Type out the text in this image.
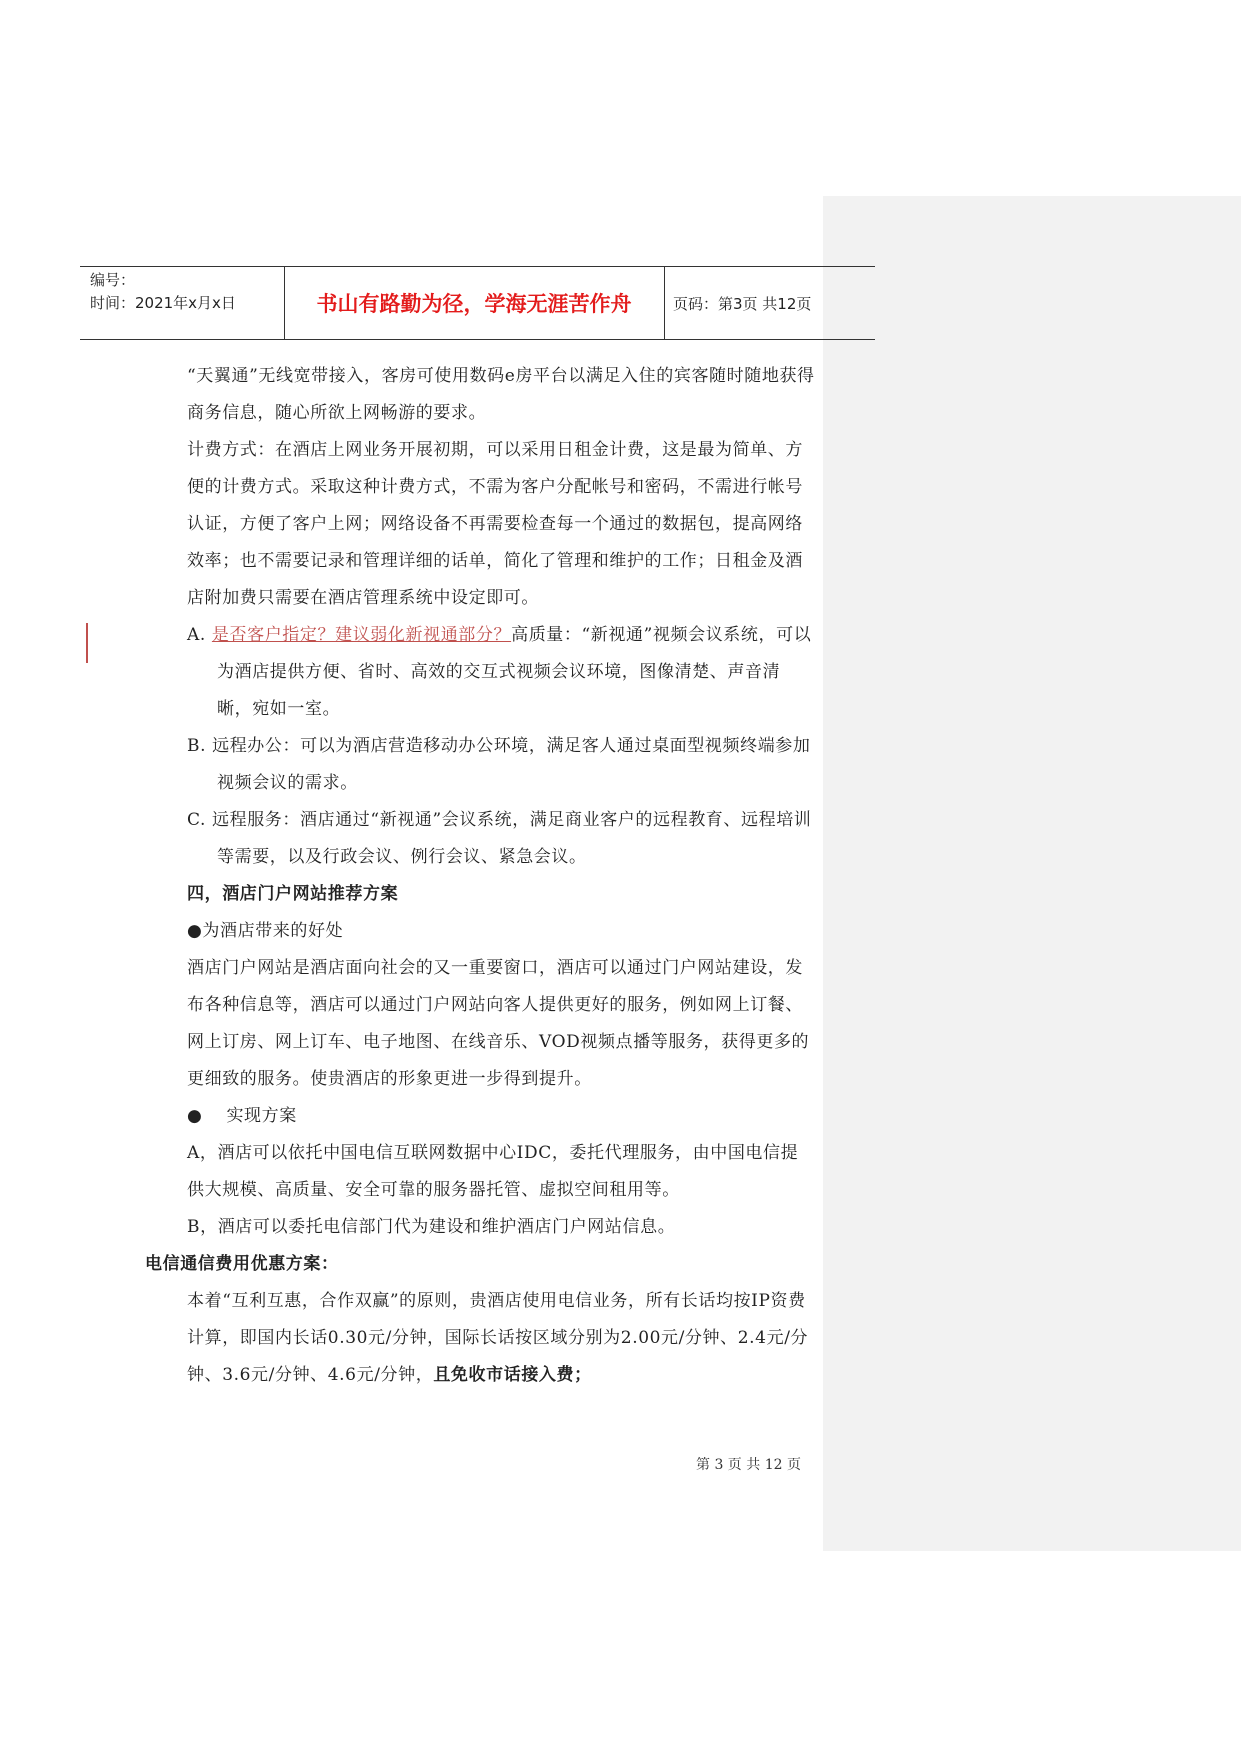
编号：
时间：2021年x月x日	书山有路勤为径，学海无涯苦作舟	页码：第3页 共12页

“天翼通”无线宽带接入，客房可使用数码e房平台以满足入住的宾客随时随地获得商务信息，随心所欲上网畅游的要求。

计费方式：在酒店上网业务开展初期，可以采用日租金计费，这是最为简单、方便的计费方式。采取这种计费方式，不需为客户分配帐号和密码，不需进行帐号认证，方便了客户上网；网络设备不再需要检查每一个通过的数据包，提高网络效率；也不需要记录和管理详细的话单，简化了管理和维护的工作；日租金及酒店附加费只需要在酒店管理系统中设定即可。

A. 是否客户指定？建议弱化新视通部分？高质量：“新视通”视频会议系统，可以为酒店提供方便、省时、高效的交互式视频会议环境，图像清楚、声音清晰，宛如一室。

B. 远程办公：可以为酒店营造移动办公环境，满足客人通过桌面型视频终端参加视频会议的需求。

C. 远程服务：酒店通过“新视通”会议系统，满足商业客户的远程教育、远程培训等需要，以及行政会议、例行会议、紧急会议。

四，酒店门户网站推荐方案

●为酒店带来的好处

酒店门户网站是酒店面向社会的又一重要窗口，酒店可以通过门户网站建设，发布各种信息等，酒店可以通过门户网站向客人提供更好的服务，例如网上订餐、网上订房、网上订车、电子地图、在线音乐、VOD视频点播等服务，获得更多的更细致的服务。使贵酒店的形象更进一步得到提升。

●    实现方案

A，酒店可以依托中国电信互联网数据中心IDC，委托代理服务，由中国电信提供大规模、高质量、安全可靠的服务器托管、虚拟空间租用等。

B，酒店可以委托电信部门代为建设和维护酒店门户网站信息。

电信通信费用优惠方案：

本着“互利互惠，合作双赢”的原则，贵酒店使用电信业务，所有长话均按IP资费计算，即国内长话0.30元/分钟，国际长话按区域分别为2.00元/分钟、2.4元/分钟、3.6元/分钟、4.6元/分钟，且免收市话接入费；

第 3 页 共 12 页
